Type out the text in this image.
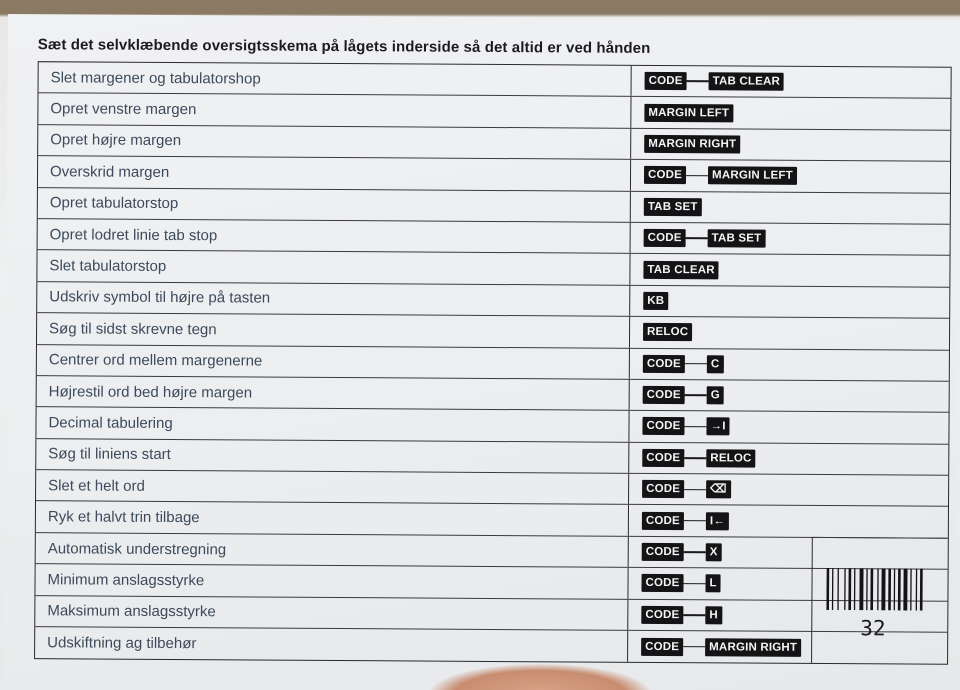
Sæt det selvklæbende oversigtsskema på lågets inderside så det altid er ved hånden
Slet margener og tabulatorshop	CODE	TAB CLEAR
Opret venstre margen	MARGIN LEFT
Opret højre margen	MARGIN RIGHT
Overskrid margen	CODE	MARGIN LEFT
Opret tabulatorstop	TAB SET
Opret lodret linie tab stop	CODE	TAB SET
Slet tabulatorstop	TAB CLEAR
Udskriv symbol til højre på tasten	KB
Søg til sidst skrevne tegn	RELOC
Centrer ord mellem margenerne	CODE	C
Højrestil ord bed højre margen	CODE	G
Decimal tabulering	CODE	→I
Søg til liniens start	CODE	RELOC
Slet et helt ord	CODE	⌫
Ryk et halvt trin tilbage	CODE	I←
Automatisk understregning	CODE	X
32
Minimum anslagsstyrke	CODE	L
Maksimum anslagsstyrke	CODE	H
Udskiftning ag tilbehør	CODE	MARGIN RIGHT
